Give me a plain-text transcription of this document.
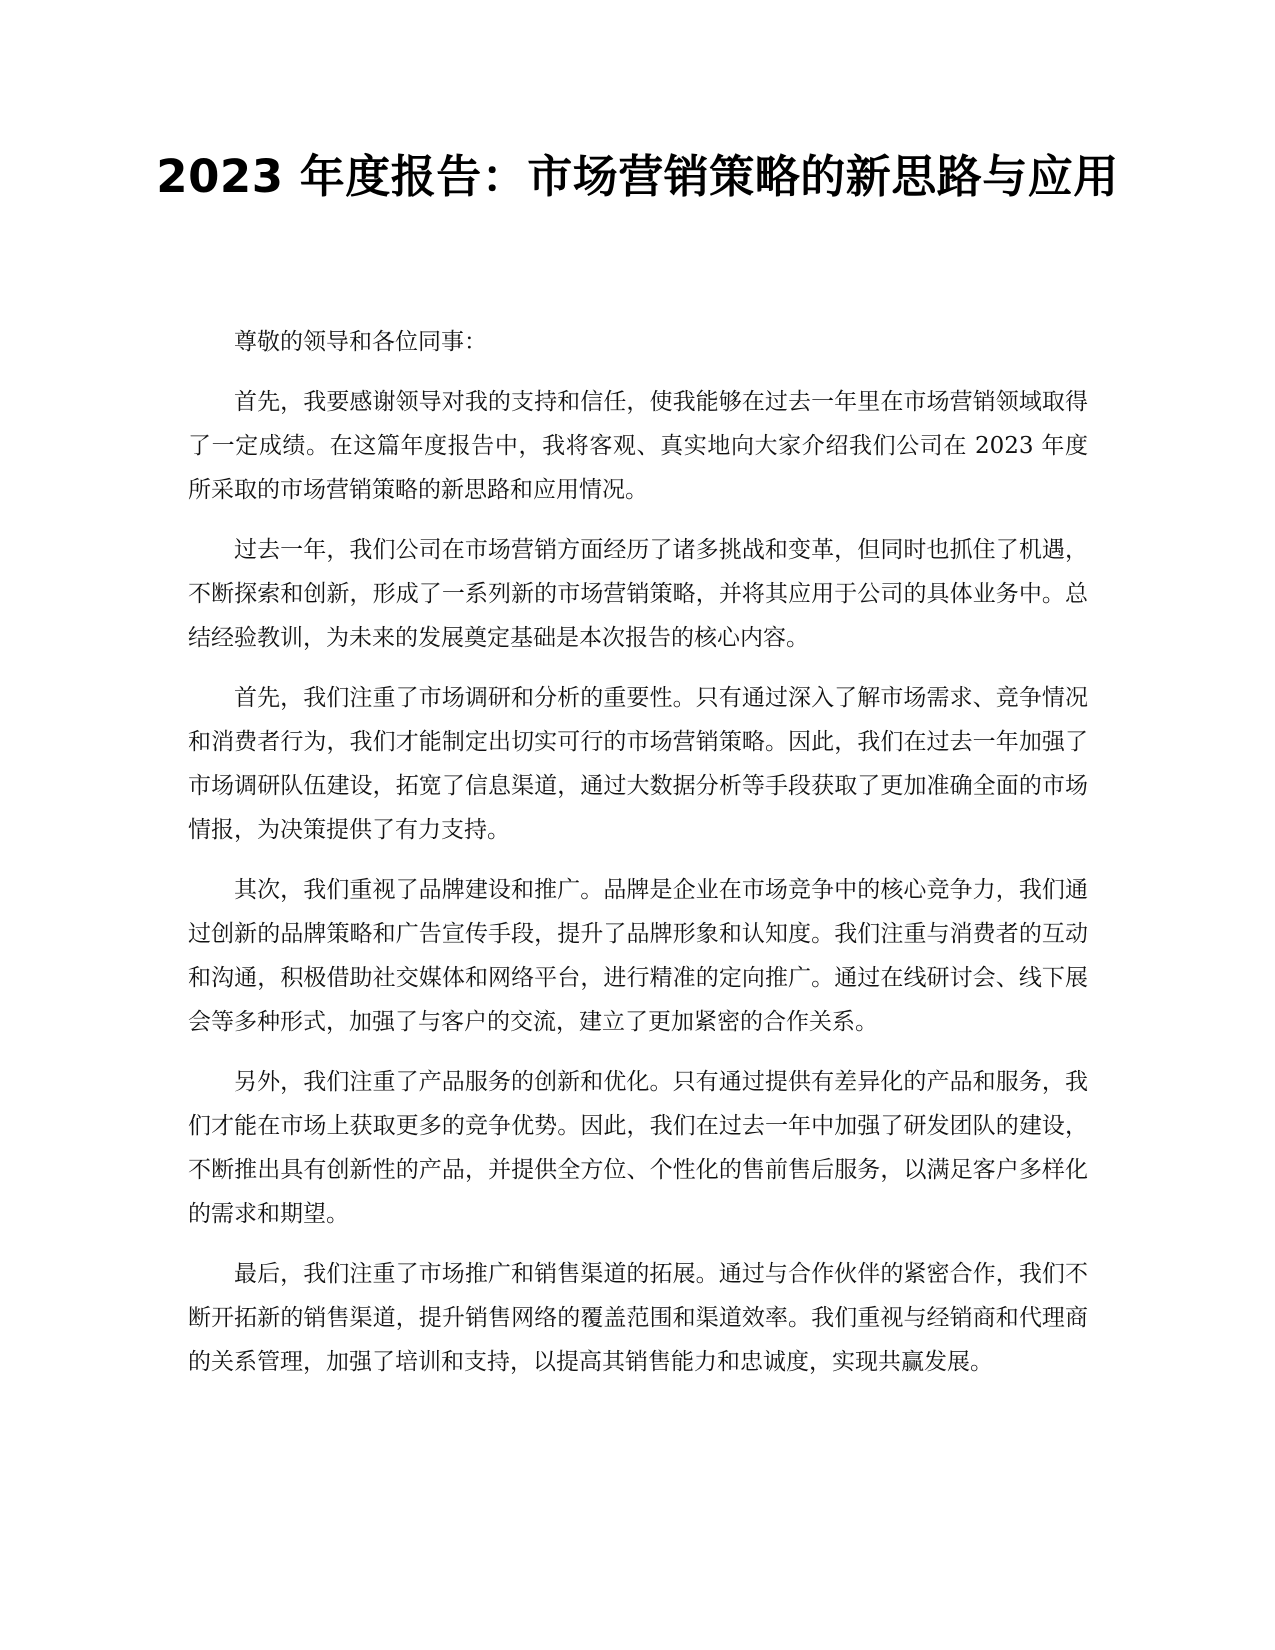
2023 年度报告：市场营销策略的新思路与应用

尊敬的领导和各位同事：

首先，我要感谢领导对我的支持和信任，使我能够在过去一年里在市场营销领域取得了一定成绩。在这篇年度报告中，我将客观、真实地向大家介绍我们公司在 2023 年度所采取的市场营销策略的新思路和应用情况。

过去一年，我们公司在市场营销方面经历了诸多挑战和变革，但同时也抓住了机遇，不断探索和创新，形成了一系列新的市场营销策略，并将其应用于公司的具体业务中。总结经验教训，为未来的发展奠定基础是本次报告的核心内容。

首先，我们注重了市场调研和分析的重要性。只有通过深入了解市场需求、竞争情况和消费者行为，我们才能制定出切实可行的市场营销策略。因此，我们在过去一年加强了市场调研队伍建设，拓宽了信息渠道，通过大数据分析等手段获取了更加准确全面的市场情报，为决策提供了有力支持。

其次，我们重视了品牌建设和推广。品牌是企业在市场竞争中的核心竞争力，我们通过创新的品牌策略和广告宣传手段，提升了品牌形象和认知度。我们注重与消费者的互动和沟通，积极借助社交媒体和网络平台，进行精准的定向推广。通过在线研讨会、线下展会等多种形式，加强了与客户的交流，建立了更加紧密的合作关系。

另外，我们注重了产品服务的创新和优化。只有通过提供有差异化的产品和服务，我们才能在市场上获取更多的竞争优势。因此，我们在过去一年中加强了研发团队的建设，不断推出具有创新性的产品，并提供全方位、个性化的售前售后服务，以满足客户多样化的需求和期望。

最后，我们注重了市场推广和销售渠道的拓展。通过与合作伙伴的紧密合作，我们不断开拓新的销售渠道，提升销售网络的覆盖范围和渠道效率。我们重视与经销商和代理商的关系管理，加强了培训和支持，以提高其销售能力和忠诚度，实现共赢发展。
